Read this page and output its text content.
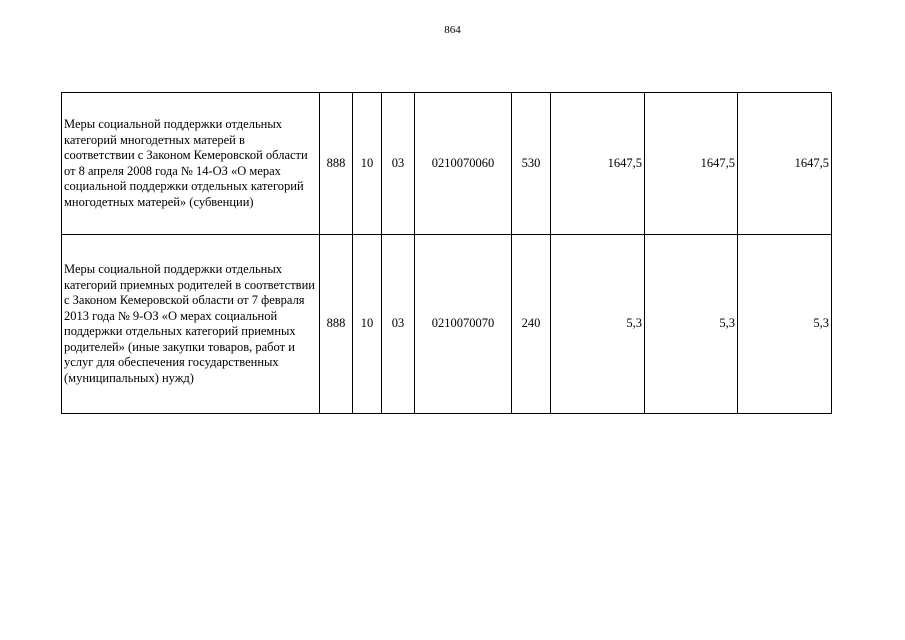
864
Меры социальной поддержки отдельных категорий многодетных матерей в соответствии с Законом Кемеровской области от 8 апреля 2008 года № 14-ОЗ «О мерах социальной поддержки отдельных категорий многодетных матерей» (субвенции)	888	10	03	0210070060	530	1647,5	1647,5	1647,5
Меры социальной поддержки отдельных категорий приемных родителей в соответствии с Законом Кемеровской области от 7 февраля 2013 года № 9-ОЗ «О мерах социальной поддержки отдельных категорий приемных родителей» (иные закупки товаров, работ и услуг для обеспечения государственных (муниципальных) нужд)	888	10	03	0210070070	240	5,3	5,3	5,3
